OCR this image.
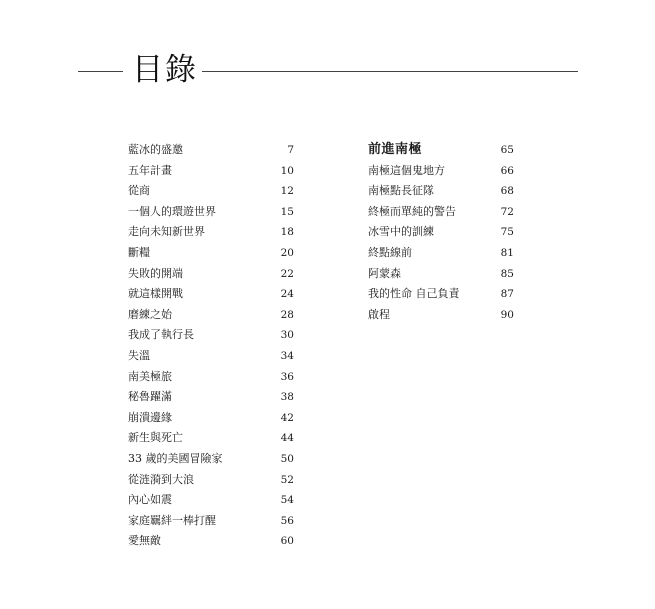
目錄
藍冰的盛邀	7
五年計畫	10
從商	12
一個人的環遊世界	15
走向未知新世界	18
斷糧	20
失敗的開端	22
就這樣開戰	24
磨練之始	28
我成了執行長	30
失溫	34
南美極旅	36
秘魯躍滿	38
崩潰邊緣	42
新生與死亡	44
33 歲的美國冒險家	50
從涟漪到大浪	52
內心如震	54
家庭羈絆一棒打醒	56
愛無敵	60
前進南極	65
南極這個鬼地方	66
南極點長征隊	68
終極而單純的警告	72
冰雪中的訓練	75
終點線前	81
阿蒙森	85
我的性命 自己負責	87
啟程	90
